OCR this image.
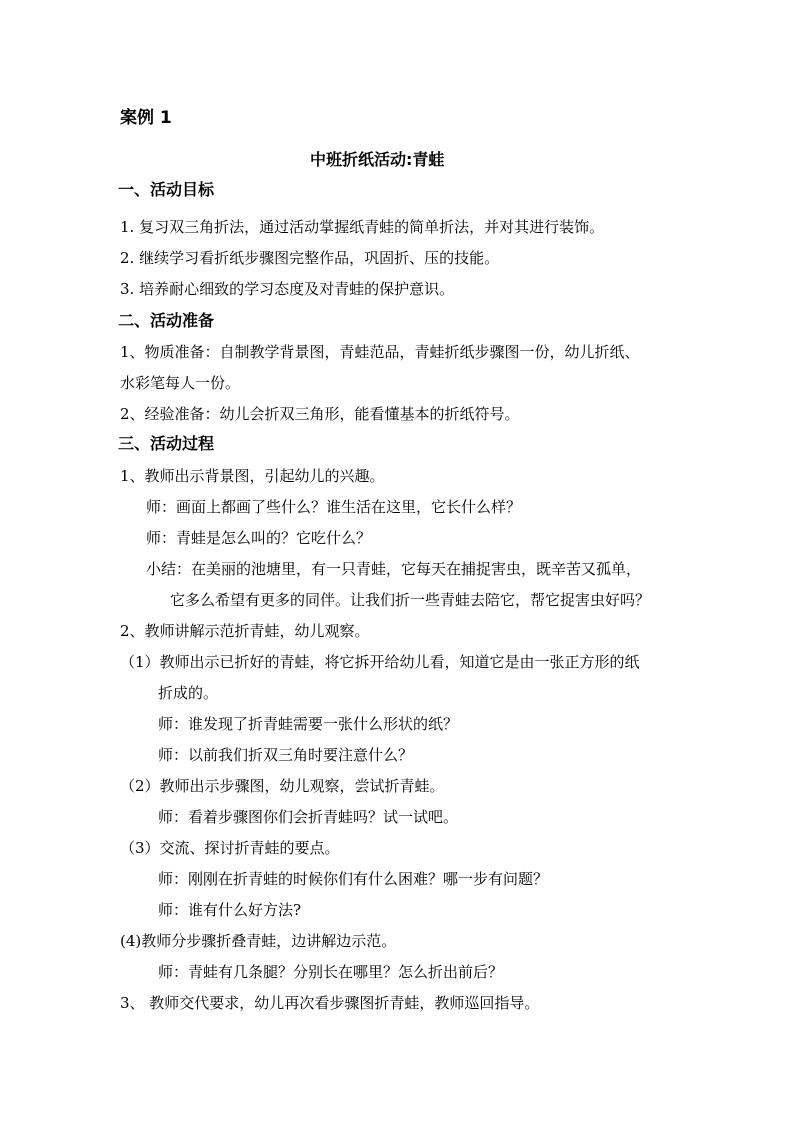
案例 1
中班折纸活动:青蛙
一、活动目标
1. 复习双三角折法，通过活动掌握纸青蛙的简单折法，并对其进行装饰。
2. 继续学习看折纸步骤图完整作品，巩固折、压的技能。
3. 培养耐心细致的学习态度及对青蛙的保护意识。
二、活动准备
1、物质准备：自制教学背景图，青蛙范品，青蛙折纸步骤图一份，幼儿折纸、
水彩笔每人一份。
2、经验准备：幼儿会折双三角形，能看懂基本的折纸符号。
三、活动过程
1、教师出示背景图，引起幼儿的兴趣。
师：画面上都画了些什么？谁生活在这里，它长什么样？
师：青蛙是怎么叫的？它吃什么？
小结：在美丽的池塘里，有一只青蛙，它每天在捕捉害虫，既辛苦又孤单，
它多么希望有更多的同伴。让我们折一些青蛙去陪它，帮它捉害虫好吗？
2、教师讲解示范折青蛙，幼儿观察。
（1）教师出示已折好的青蛙，将它拆开给幼儿看，知道它是由一张正方形的纸
折成的。
师：谁发现了折青蛙需要一张什么形状的纸？
师：以前我们折双三角时要注意什么？
（2）教师出示步骤图，幼儿观察，尝试折青蛙。
师：看着步骤图你们会折青蛙吗？试一试吧。
（3）交流、探讨折青蛙的要点。
师：刚刚在折青蛙的时候你们有什么困难？哪一步有问题？
师：谁有什么好方法?
(4)教师分步骤折叠青蛙，边讲解边示范。
师：青蛙有几条腿？分别长在哪里？怎么折出前后？
3、 教师交代要求，幼儿再次看步骤图折青蛙，教师巡回指导。
